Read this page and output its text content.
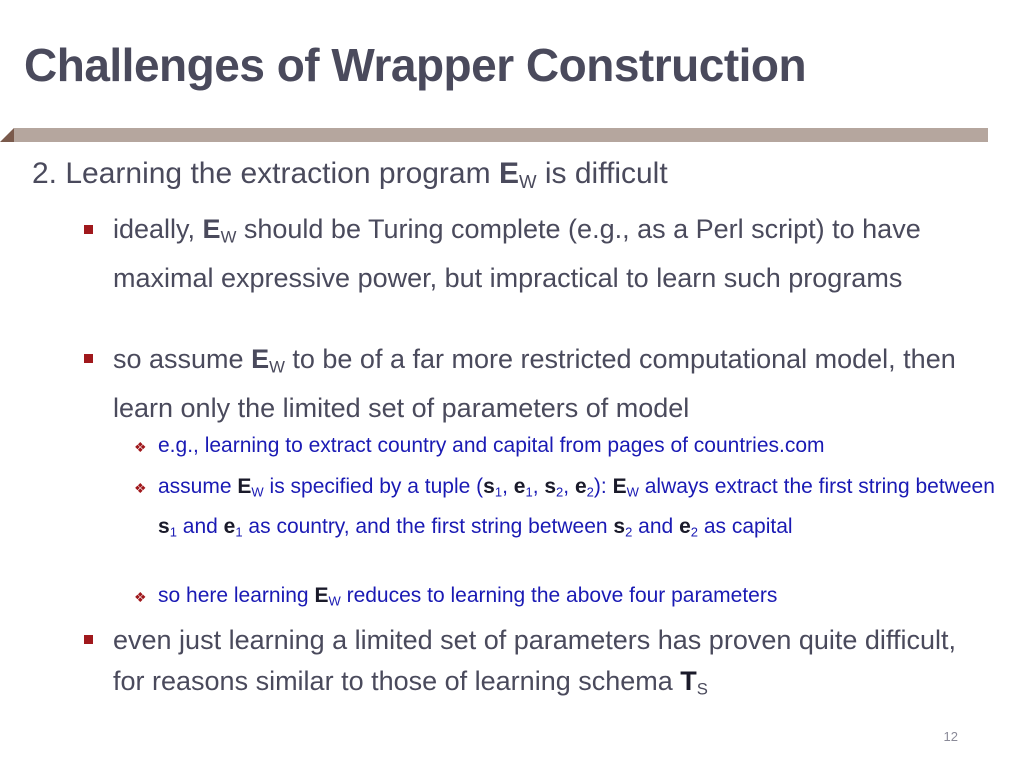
Challenges of Wrapper Construction
2. Learning the extraction program $E_W$ is difficult
ideally, $E_W$ should be Turing complete (e.g., as a Perl script) to have maximal expressive power, but impractical to learn such programs
so assume $E_W$ to be of a far more restricted computational model, then learn only the limited set of parameters of model
❖ e.g., learning to extract country and capital from pages of countries.com
❖ assume $E_W$ is specified by a tuple ($s_1$, $e_1$, $s_2$, $e_2$): $E_W$ always extract the first string between $s_1$ and $e_1$ as country, and the first string between $s_2$ and $e_2$ as capital
❖ so here learning $E_W$ reduces to learning the above four parameters
even just learning a limited set of parameters has proven quite difficult, for reasons similar to those of learning schema $T_S$
12
